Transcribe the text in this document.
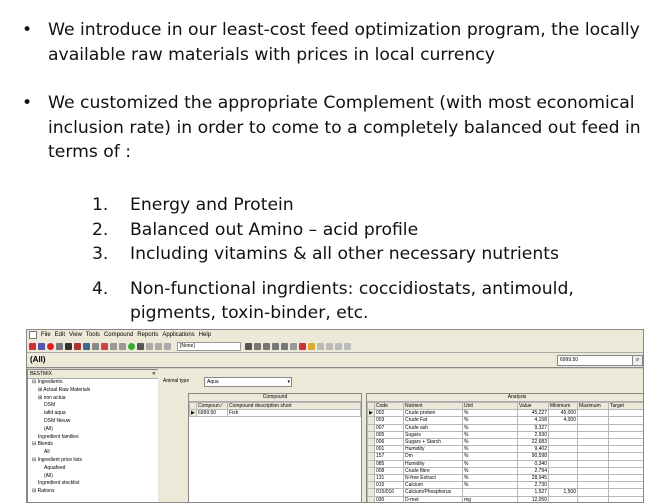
• We introduce in our least-cost feed optimization program, the locally available raw materials with prices in local currency
• We customized the appropriate Complement (with most economical inclusion rate) in order to come to a completely balanced out feed in terms of :
1. Energy and Protein
2. Balanced out Amino – acid profile
3. Including vitamins & all other necessary nutrients
4. Non-functional ingrdients: coccidiostats, antimould, pigments, toxin-binder, etc.
File Edit View Tools Compound Reports Applications Help
[None]
(All)	6999.50	⌕
BESTMIX	✕
⊟ Ingredients
⊞ Actual Raw Materials
⊞ non actua
DSM
lafid aqua
DSM Nieuw
(All)
Ingredient families
⊟ Blends
All
⊟ Ingredient price lists
Aquafeed
(All)
Ingredient stocklist
⊟ Rations
Animal type	Aqua	▾
Compound
	Compoun ⁄	Compound description short
▶	6999.50	Fish
Analysis
	Code	Nutrient	Unit	Value	Minimum	Maximum	Target
▶	002	Crude protein	%	45,227	45,000		
	003	Crude Fat	%	4,158	4,000		
	007	Crude ash	%	9,327			
	005	Sugars	%	2,930			
	006	Sugars + Starch	%	22,683			
	001	Humidity	%	9,402			
	157	Dm	%	90,598			
	085	Humidity	%	0,340			
	008	Crude fibre	%	2,794			
	131	N-free Extract	%	28,945			
	015	Calcium	%	2,730			
	015/016	Calcium/Phosphorus		1,527	1,500		
	030	D-met	mg	12,050			
